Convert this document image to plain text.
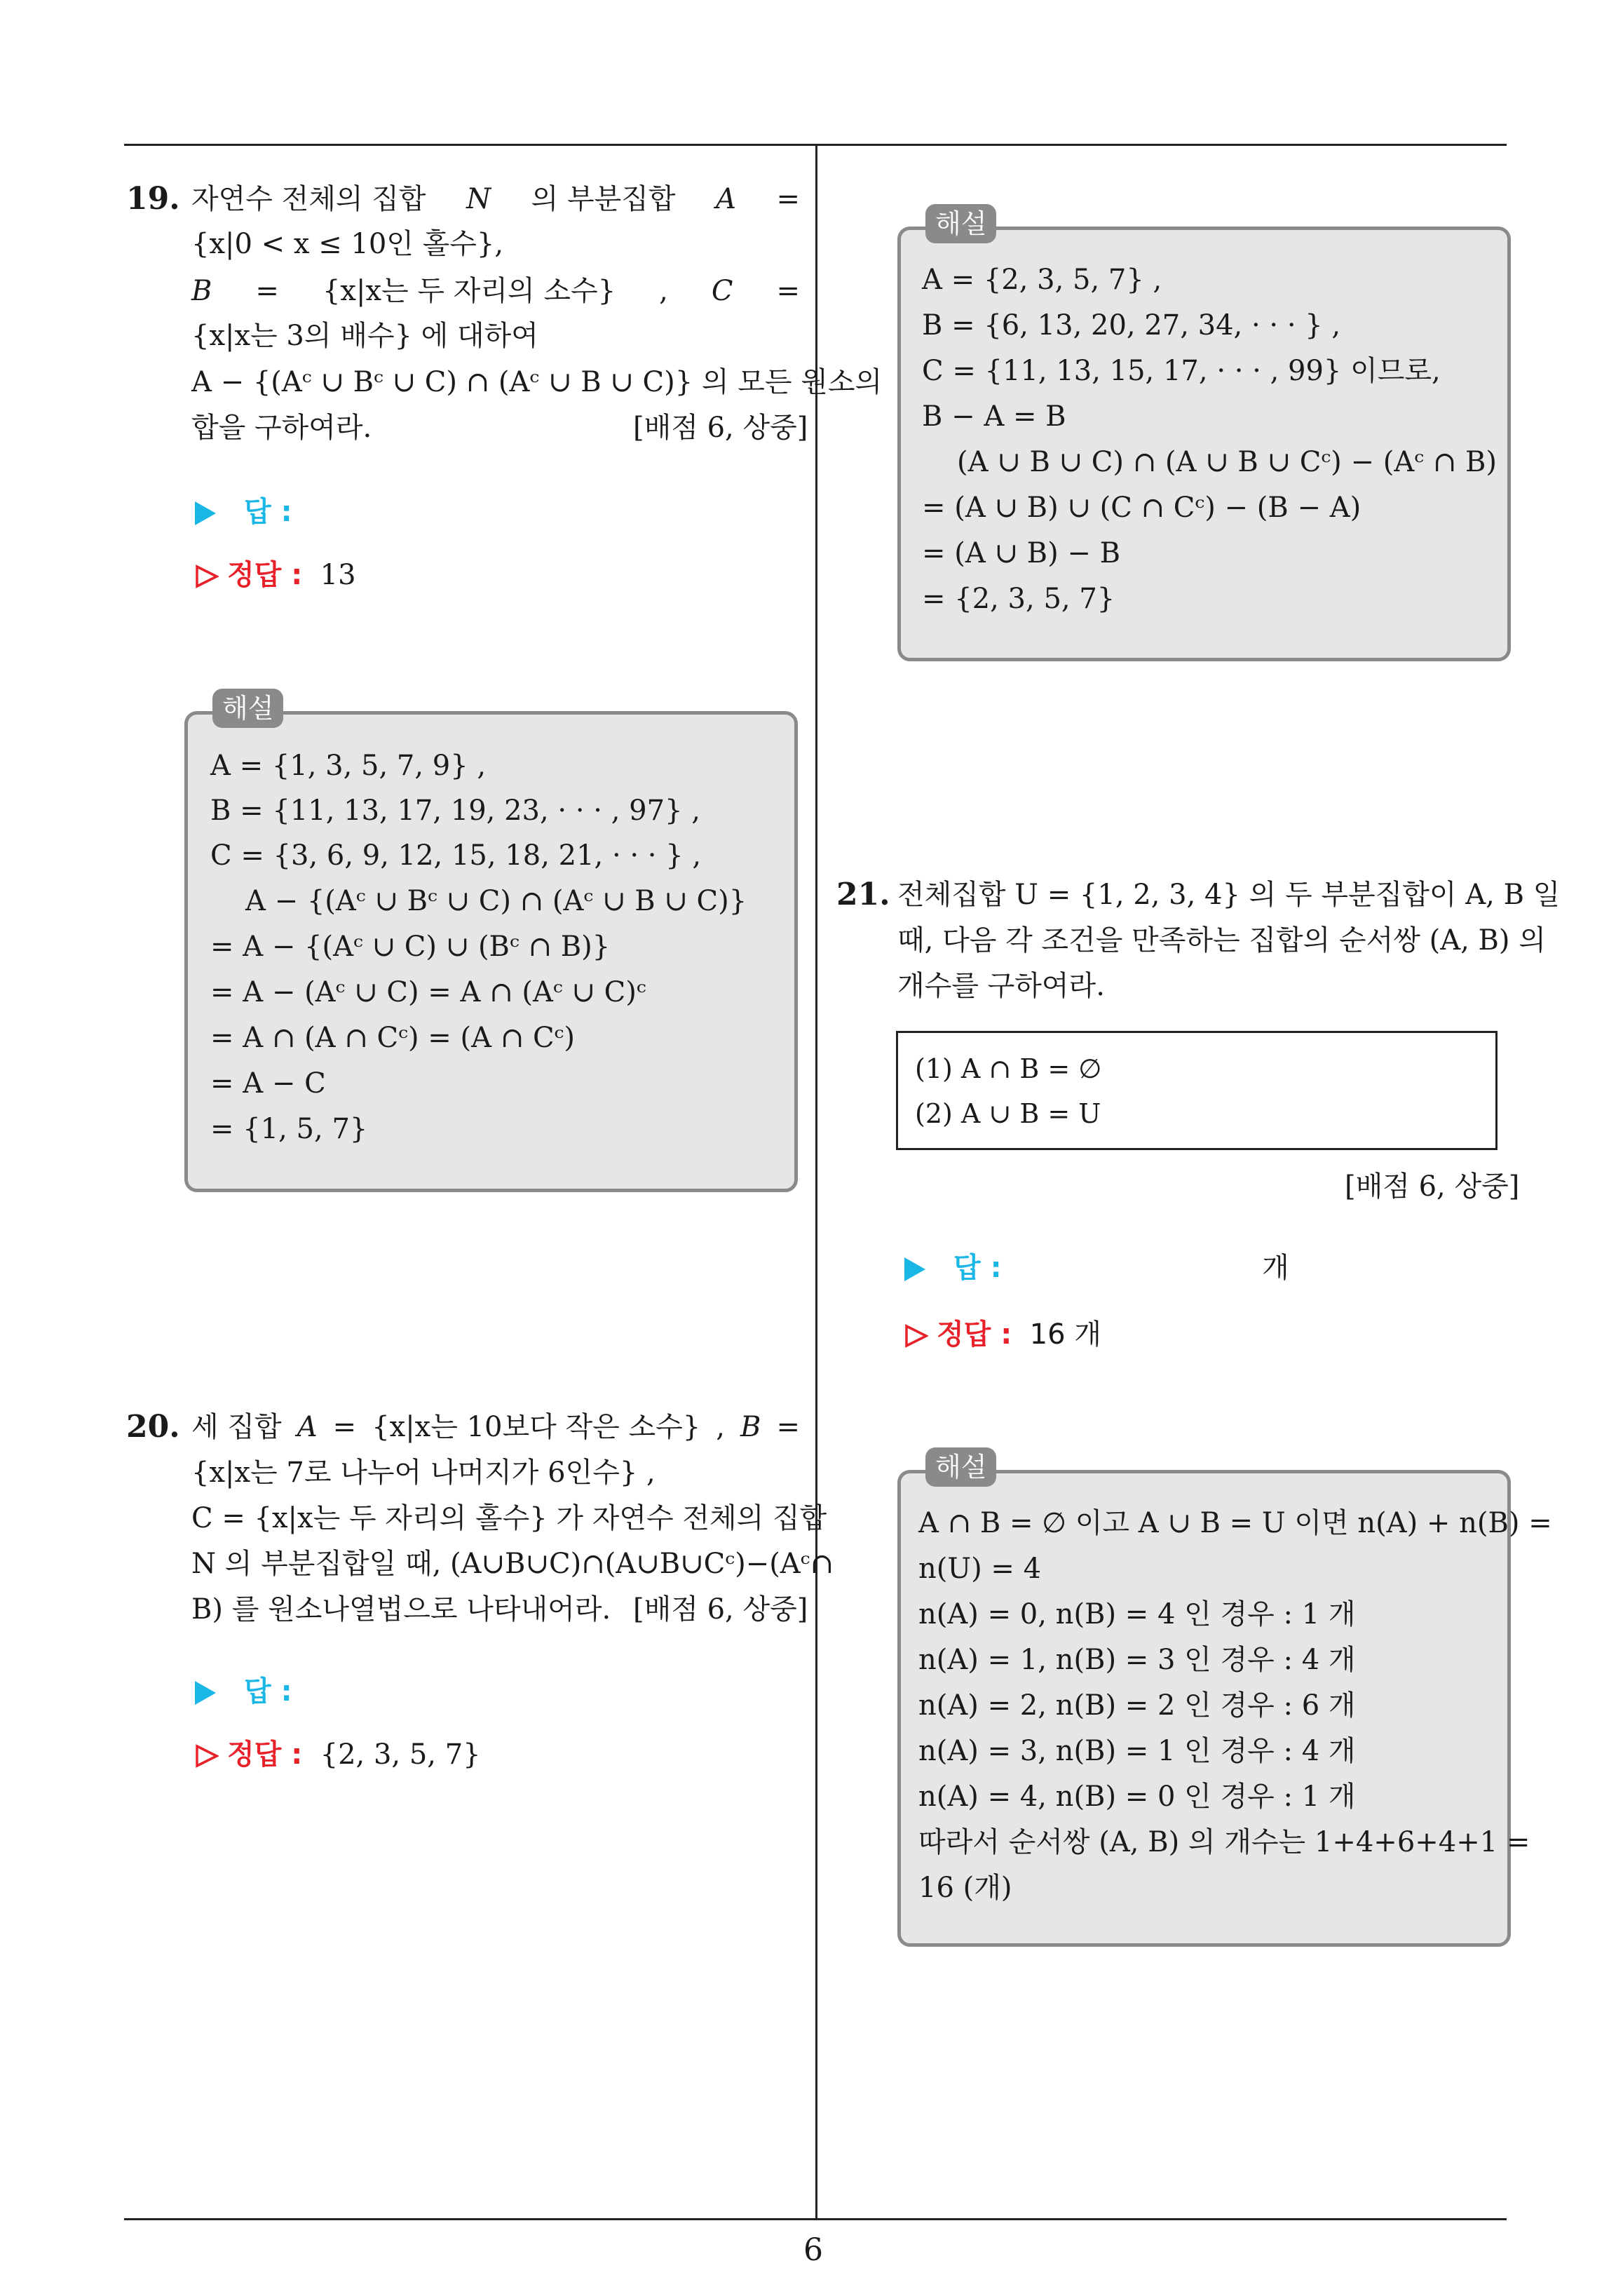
19. 자연수 전체의 집합 N 의 부분집합 A =
{x|0 < x ≤ 10인 홀수},
B = {x|x는 두 자리의 소수} , C =
{x|x는 3의 배수} 에 대하여
A − {(Aᶜ ∪ Bᶜ ∪ C) ∩ (Aᶜ ∪ B ∪ C)} 의 모든 원소의
합을 구하여라.	[배점 6, 상중]
답 :
정답 : 13
해설
A = {1, 3, 5, 7, 9} ,
B = {11, 13, 17, 19, 23, · · · , 97} ,
C = {3, 6, 9, 12, 15, 18, 21, · · · } ,
A − {(Aᶜ ∪ Bᶜ ∪ C) ∩ (Aᶜ ∪ B ∪ C)}
= A − {(Aᶜ ∪ C) ∪ (Bᶜ ∩ B)}
= A − (Aᶜ ∪ C) = A ∩ (Aᶜ ∪ C)ᶜ
= A ∩ (A ∩ Cᶜ) = (A ∩ Cᶜ)
= A − C
= {1, 5, 7}
20. 세 집합 A = {x|x는 10보다 작은 소수} , B =
{x|x는 7로 나누어 나머지가 6인수} ,
C = {x|x는 두 자리의 홀수} 가 자연수 전체의 집합
N 의 부분집합일 때, (A∪B∪C)∩(A∪B∪Cᶜ)−(Aᶜ∩
B) 를 원소나열법으로 나타내어라. [배점 6, 상중]
답 :
정답 : {2, 3, 5, 7}
해설
A = {2, 3, 5, 7} ,
B = {6, 13, 20, 27, 34, · · · } ,
C = {11, 13, 15, 17, · · · , 99} 이므로,
B − A = B
(A ∪ B ∪ C) ∩ (A ∪ B ∪ Cᶜ) − (Aᶜ ∩ B)
= (A ∪ B) ∪ (C ∩ Cᶜ) − (B − A)
= (A ∪ B) − B
= {2, 3, 5, 7}
21. 전체집합 U = {1, 2, 3, 4} 의 두 부분집합이 A, B 일
때, 다음 각 조건을 만족하는 집합의 순서쌍 (A, B) 의
개수를 구하여라.
(1) A ∩ B = ∅
(2) A ∪ B = U
[배점 6, 상중]
답 :	개
정답 : 16 개
해설
A ∩ B = ∅ 이고 A ∪ B = U 이면 n(A) + n(B) =
n(U) = 4
n(A) = 0, n(B) = 4 인 경우 : 1 개
n(A) = 1, n(B) = 3 인 경우 : 4 개
n(A) = 2, n(B) = 2 인 경우 : 6 개
n(A) = 3, n(B) = 1 인 경우 : 4 개
n(A) = 4, n(B) = 0 인 경우 : 1 개
따라서 순서쌍 (A, B) 의 개수는 1+4+6+4+1 =
16 (개)
6
